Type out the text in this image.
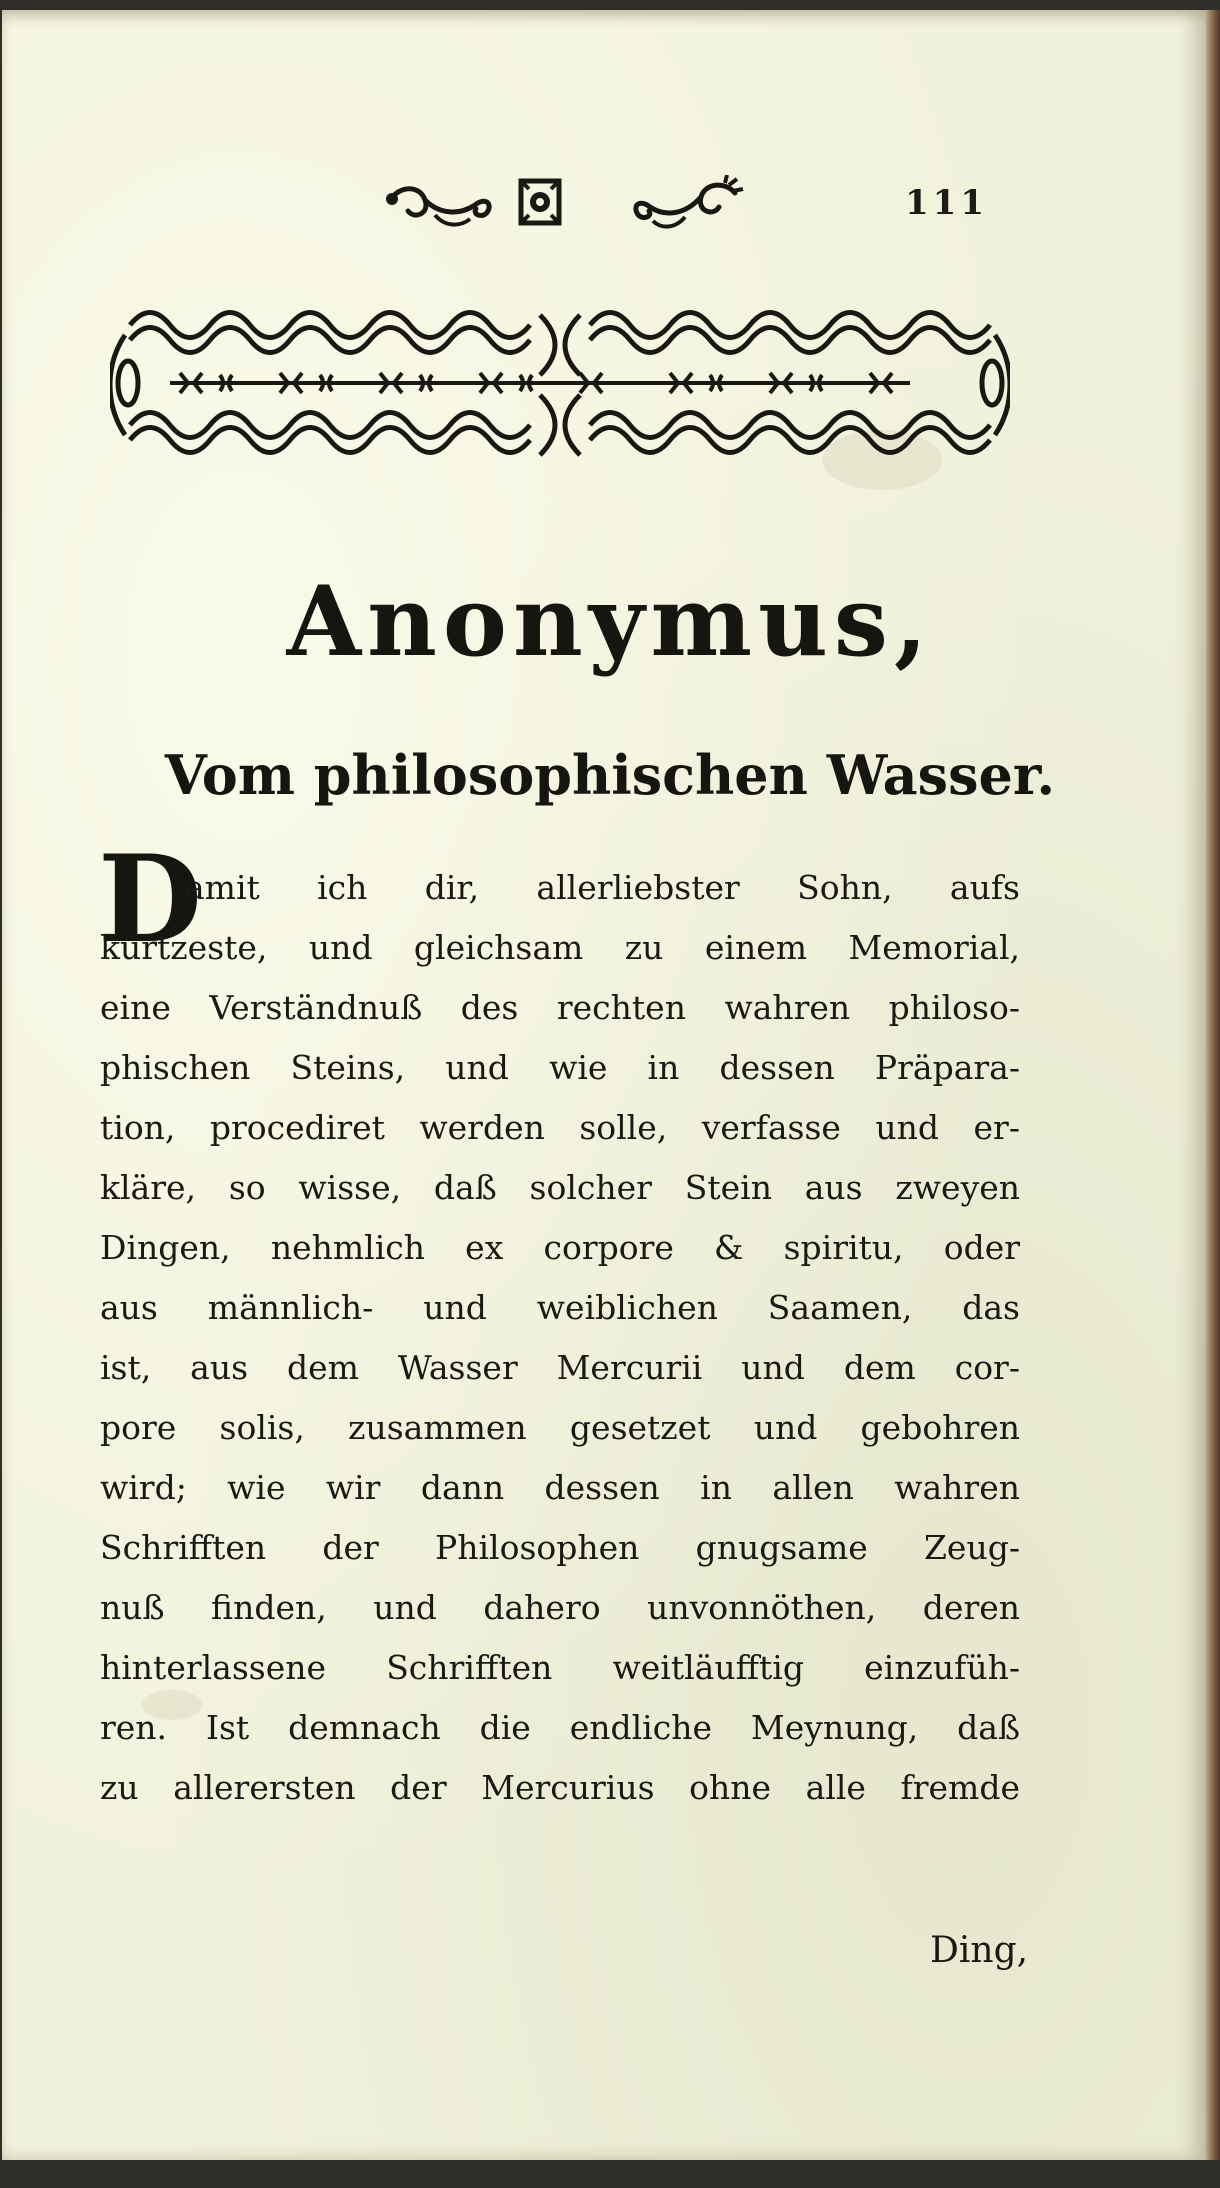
111
Anonymus,
Vom philosophischen Wasser.
D

amit ich dir, allerliebster Sohn, aufs

kürtzeste, und gleichsam zu einem Memorial,

eine Verständnuß des rechten wahren philoso-

phischen Steins, und wie in dessen Präpara-

tion, procediret werden solle, verfasse und er-

kläre, so wisse, daß solcher Stein aus zweyen

Dingen, nehmlich ex corpore & spiritu, oder

aus männlich- und weiblichen Saamen, das

ist, aus dem Wasser Mercurii und dem cor-

pore solis, zusammen gesetzet und gebohren

wird; wie wir dann dessen in allen wahren

Schrifften der Philosophen gnugsame Zeug-

nuß finden, und dahero unvonnöthen, deren

hinterlassene Schrifften weitläufftig einzufüh-

ren. Ist demnach die endliche Meynung, daß

zu allerersten der Mercurius ohne alle fremde

Ding,
